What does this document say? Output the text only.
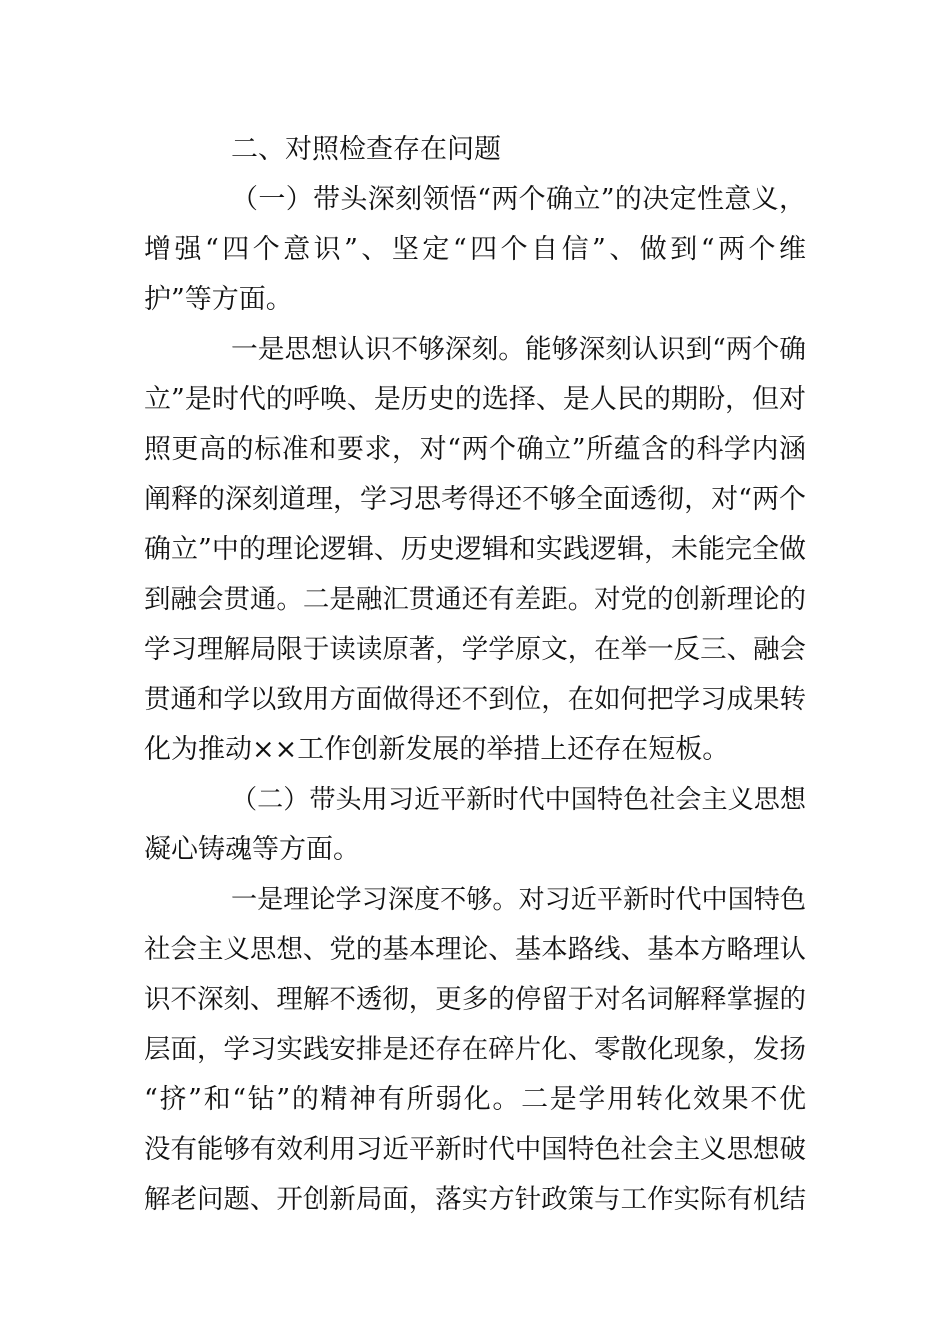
二、对照检查存在问题

（一）带头深刻领悟“两个确立”的决定性意义，

增强“四个意识”、坚定“四个自信”、做到“两个维

护”等方面。

一是思想认识不够深刻。能够深刻认识到“两个确

立”是时代的呼唤、是历史的选择、是人民的期盼，但对

照更高的标准和要求，对“两个确立”所蕴含的科学内涵

阐释的深刻道理，学习思考得还不够全面透彻，对“两个

确立”中的理论逻辑、历史逻辑和实践逻辑，未能完全做

到融会贯通。二是融汇贯通还有差距。对党的创新理论的

学习理解局限于读读原著，学学原文，在举一反三、融会

贯通和学以致用方面做得还不到位，在如何把学习成果转

化为推动××工作创新发展的举措上还存在短板。

（二）带头用习近平新时代中国特色社会主义思想

凝心铸魂等方面。

一是理论学习深度不够。对习近平新时代中国特色

社会主义思想、党的基本理论、基本路线、基本方略理认

识不深刻、理解不透彻，更多的停留于对名词解释掌握的

层面，学习实践安排是还存在碎片化、零散化现象，发扬

“挤”和“钻”的精神有所弱化。二是学用转化效果不优

没有能够有效利用习近平新时代中国特色社会主义思想破

解老问题、开创新局面，落实方针政策与工作实际有机结
